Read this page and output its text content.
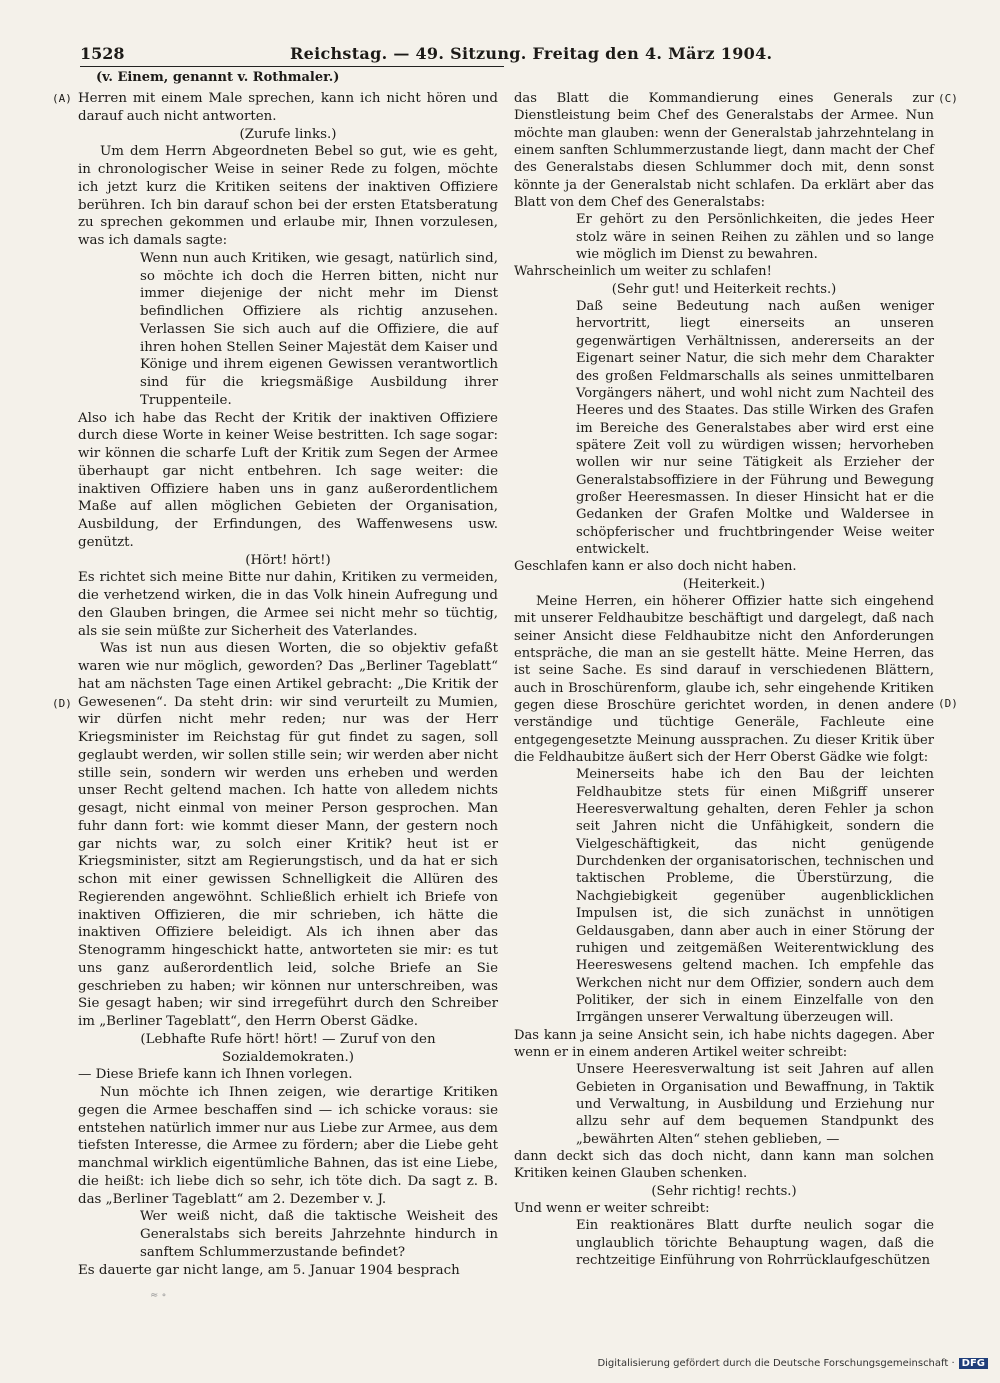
1528	Reichstag. — 49. Sitzung. Freitag den 4. März 1904.
(v. Einem, genannt v. Rothmaler.)
(A)	(C)
(D)	(D)

Herren mit einem Male sprechen, kann ich nicht hören und darauf auch nicht antworten.

(Zurufe links.)

Um dem Herrn Abgeordneten Bebel so gut, wie es geht, in chronologischer Weise in seiner Rede zu folgen, möchte ich jetzt kurz die Kritiken seitens der inaktiven Offiziere berühren. Ich bin darauf schon bei der ersten Etatsberatung zu sprechen gekommen und erlaube mir, Ihnen vorzulesen, was ich damals sagte:

Wenn nun auch Kritiken, wie gesagt, natürlich sind, so möchte ich doch die Herren bitten, nicht nur immer diejenige der nicht mehr im Dienst befindlichen Offiziere als richtig anzusehen. Verlassen Sie sich auch auf die Offiziere, die auf ihren hohen Stellen Seiner Majestät dem Kaiser und Könige und ihrem eigenen Gewissen verantwortlich sind für die kriegsmäßige Ausbildung ihrer Truppenteile.

Also ich habe das Recht der Kritik der inaktiven Offiziere durch diese Worte in keiner Weise bestritten. Ich sage sogar: wir können die scharfe Luft der Kritik zum Segen der Armee überhaupt gar nicht entbehren. Ich sage weiter: die inaktiven Offiziere haben uns in ganz außerordentlichem Maße auf allen möglichen Gebieten der Organisation, Ausbildung, der Erfindungen, des Waffenwesens usw. genützt.

(Hört! hört!)

Es richtet sich meine Bitte nur dahin, Kritiken zu vermeiden, die verhetzend wirken, die in das Volk hinein Aufregung und den Glauben bringen, die Armee sei nicht mehr so tüchtig, als sie sein müßte zur Sicherheit des Vaterlandes.

Was ist nun aus diesen Worten, die so objektiv gefaßt waren wie nur möglich, geworden? Das „Berliner Tageblatt“ hat am nächsten Tage einen Artikel gebracht: „Die Kritik der Gewesenen“. Da steht drin: wir sind verurteilt zu Mumien, wir dürfen nicht mehr reden; nur was der Herr Kriegsminister im Reichstag für gut findet zu sagen, soll geglaubt werden, wir sollen stille sein; wir werden aber nicht stille sein, sondern wir werden uns erheben und werden unser Recht geltend machen. Ich hatte von alledem nichts gesagt, nicht einmal von meiner Person gesprochen. Man fuhr dann fort: wie kommt dieser Mann, der gestern noch gar nichts war, zu solch einer Kritik? heut ist er Kriegsminister, sitzt am Regierungstisch, und da hat er sich schon mit einer gewissen Schnelligkeit die Allüren des Regierenden angewöhnt. Schließlich erhielt ich Briefe von inaktiven Offizieren, die mir schrieben, ich hätte die inaktiven Offiziere beleidigt. Als ich ihnen aber das Stenogramm hingeschickt hatte, antworteten sie mir: es tut uns ganz außerordentlich leid, solche Briefe an Sie geschrieben zu haben; wir können nur unterschreiben, was Sie gesagt haben; wir sind irregeführt durch den Schreiber im „Berliner Tageblatt“, den Herrn Oberst Gädke.

(Lebhafte Rufe hört! hört! — Zuruf von den Sozialdemokraten.)

— Diese Briefe kann ich Ihnen vorlegen.

Nun möchte ich Ihnen zeigen, wie derartige Kritiken gegen die Armee beschaffen sind — ich schicke voraus: sie entstehen natürlich immer nur aus Liebe zur Armee, aus dem tiefsten Interesse, die Armee zu fördern; aber die Liebe geht manchmal wirklich eigentümliche Bahnen, das ist eine Liebe, die heißt: ich liebe dich so sehr, ich töte dich. Da sagt z. B. das „Berliner Tageblatt“ am 2. Dezember v. J.

Wer weiß nicht, daß die taktische Weisheit des Generalstabs sich bereits Jahrzehnte hindurch in sanftem Schlummerzustande befindet?

Es dauerte gar nicht lange, am 5. Januar 1904 besprach

das Blatt die Kommandierung eines Generals zur Dienstleistung beim Chef des Generalstabs der Armee. Nun möchte man glauben: wenn der Generalstab jahrzehntelang in einem sanften Schlummerzustande liegt, dann macht der Chef des Generalstabs diesen Schlummer doch mit, denn sonst könnte ja der Generalstab nicht schlafen. Da erklärt aber das Blatt von dem Chef des Generalstabs:

Er gehört zu den Persönlichkeiten, die jedes Heer stolz wäre in seinen Reihen zu zählen und so lange wie möglich im Dienst zu bewahren.

Wahrscheinlich um weiter zu schlafen!

(Sehr gut! und Heiterkeit rechts.)

Daß seine Bedeutung nach außen weniger hervortritt, liegt einerseits an unseren gegenwärtigen Verhältnissen, andererseits an der Eigenart seiner Natur, die sich mehr dem Charakter des großen Feldmarschalls als seines unmittelbaren Vorgängers nähert, und wohl nicht zum Nachteil des Heeres und des Staates. Das stille Wirken des Grafen im Bereiche des Generalstabes aber wird erst eine spätere Zeit voll zu würdigen wissen; hervorheben wollen wir nur seine Tätigkeit als Erzieher der Generalstabsoffiziere in der Führung und Bewegung großer Heeresmassen. In dieser Hinsicht hat er die Gedanken der Grafen Moltke und Waldersee in schöpferischer und fruchtbringender Weise weiter entwickelt.

Geschlafen kann er also doch nicht haben.

(Heiterkeit.)

Meine Herren, ein höherer Offizier hatte sich eingehend mit unserer Feldhaubitze beschäftigt und dargelegt, daß nach seiner Ansicht diese Feldhaubitze nicht den Anforderungen entspräche, die man an sie gestellt hätte. Meine Herren, das ist seine Sache. Es sind darauf in verschiedenen Blättern, auch in Broschürenform, glaube ich, sehr eingehende Kritiken gegen diese Broschüre gerichtet worden, in denen andere verständige und tüchtige Generäle, Fachleute eine entgegengesetzte Meinung aussprachen. Zu dieser Kritik über die Feldhaubitze äußert sich der Herr Oberst Gädke wie folgt:

Meinerseits habe ich den Bau der leichten Feldhaubitze stets für einen Mißgriff unserer Heeresverwaltung gehalten, deren Fehler ja schon seit Jahren nicht die Unfähigkeit, sondern die Vielgeschäftigkeit, das nicht genügende Durchdenken der organisatorischen, technischen und taktischen Probleme, die Überstürzung, die Nachgiebigkeit gegenüber augenblicklichen Impulsen ist, die sich zunächst in unnötigen Geldausgaben, dann aber auch in einer Störung der ruhigen und zeitgemäßen Weiterentwicklung des Heereswesens geltend machen. Ich empfehle das Werkchen nicht nur dem Offizier, sondern auch dem Politiker, der sich in einem Einzelfalle von den Irrgängen unserer Verwaltung überzeugen will.

Das kann ja seine Ansicht sein, ich habe nichts dagegen. Aber wenn er in einem anderen Artikel weiter schreibt:

Unsere Heeresverwaltung ist seit Jahren auf allen Gebieten in Organisation und Bewaffnung, in Taktik und Verwaltung, in Ausbildung und Erziehung nur allzu sehr auf dem bequemen Standpunkt des „bewährten Alten“ stehen geblieben, —

dann deckt sich das doch nicht, dann kann man solchen Kritiken keinen Glauben schenken.

(Sehr richtig! rechts.)

Und wenn er weiter schreibt:

Ein reaktionäres Blatt durfte neulich sogar die unglaublich törichte Behauptung wagen, daß die rechtzeitige Einführung von Rohrrücklaufgeschützen

≈ ∘
Digitalisierung gefördert durch die Deutsche Forschungsgemeinschaft · DFG
